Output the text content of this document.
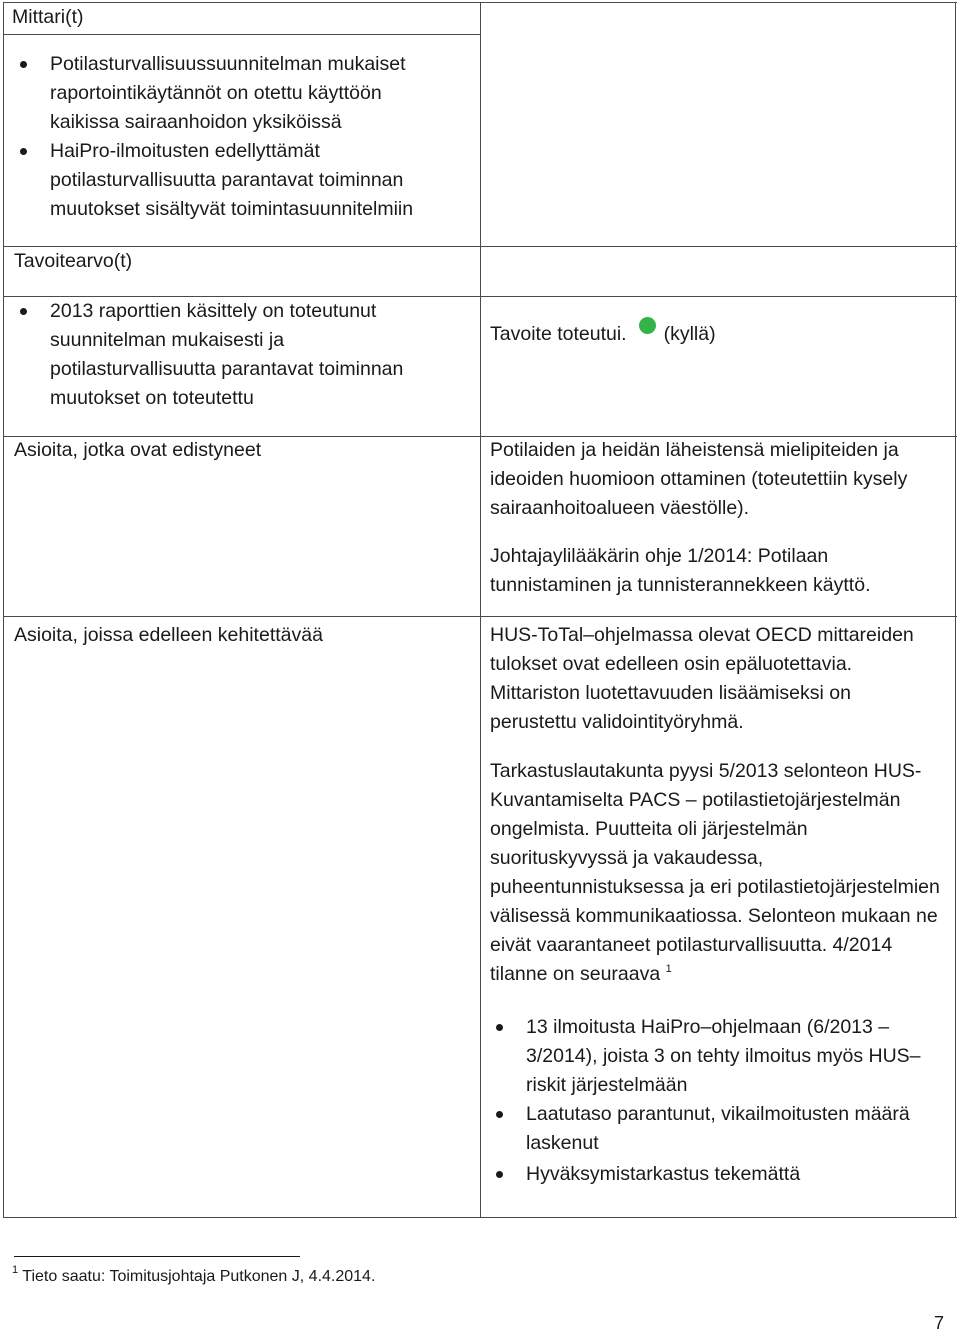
Mittari(t)
Potilasturvallisuussuunnitelman mukaiset raportointikäytännöt on otettu käyttöön kaikissa sairaanhoidon yksiköissä
HaiPro-ilmoitusten edellyttämät potilasturvallisuutta parantavat toiminnan muutokset sisältyvät toimintasuunnitelmiin
Tavoitearvo(t)
2013 raporttien käsittely on toteutunut suunnitelman mukaisesti ja potilasturvallisuutta parantavat toiminnan muutokset on toteutettu
Asioita, jotka ovat edistyneet
Asioita, joissa edelleen kehitettävää
Tavoite toteutui. (kyllä)

Potilaiden ja heidän läheistensä mielipiteiden ja ideoiden huomioon ottaminen (toteutettiin kysely sairaanhoitoalueen väestölle).

Johtajaylilääkärin ohje 1/2014: Potilaan tunnistaminen ja tunnisterannekkeen käyttö.

HUS-ToTal–ohjelmassa olevat OECD mittareiden tulokset ovat edelleen osin epäluotettavia. Mittariston luotettavuuden lisäämiseksi on perustettu validointityöryhmä.

Tarkastuslautakunta pyysi 5/2013 selonteon HUS-Kuvantamiselta PACS – potilastietojärjestelmän ongelmista. Puutteita oli järjestelmän suorituskyvyssä ja vakaudessa, puheentunnistuksessa ja eri potilastietojärjestelmien välisessä kommunikaatiossa. Selonteon mukaan ne eivät vaarantaneet potilasturvallisuutta. 4/2014 tilanne on seuraava $^1$

13 ilmoitusta HaiPro–ohjelmaan (6/2013 – 3/2014), joista 3 on tehty ilmoitus myös HUS–riskit järjestelmään
Laatutaso parantunut, vikailmoitusten määrä laskenut
Hyväksymistarkastus tekemättä
$^1$ Tieto saatu: Toimitusjohtaja Putkonen J, 4.4.2014.
7
